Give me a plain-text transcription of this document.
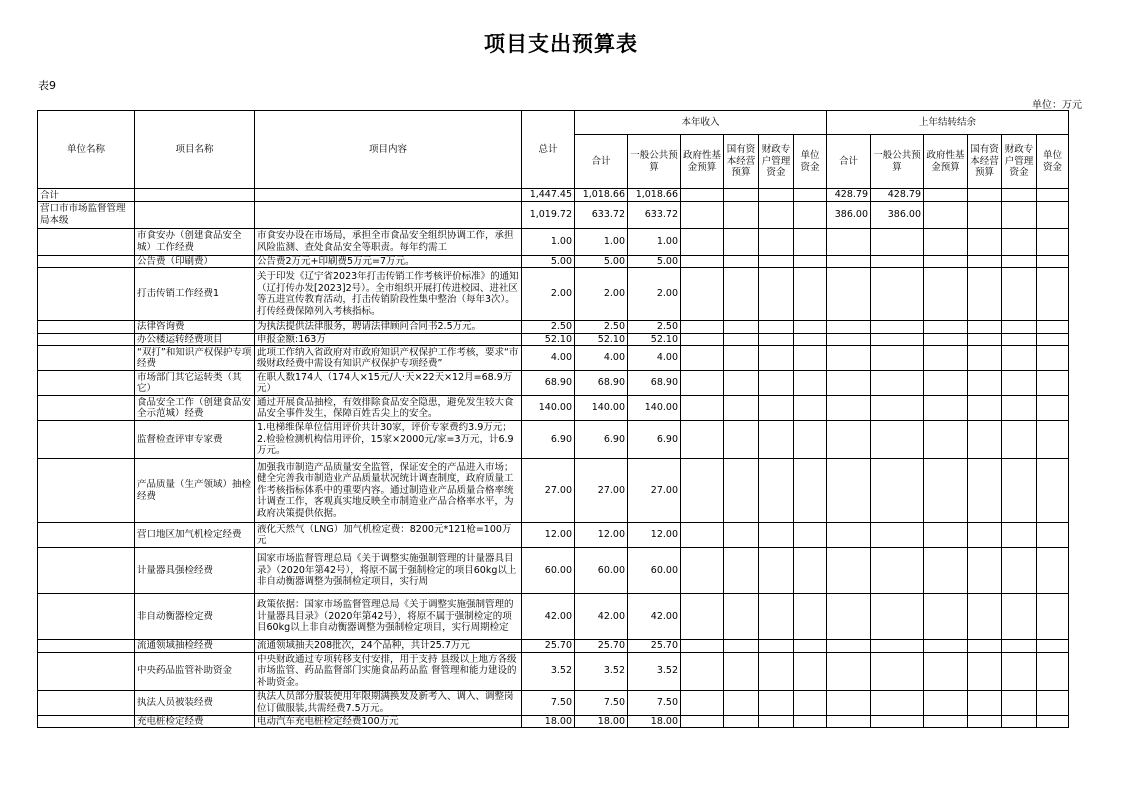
项目支出预算表
表9
单位：万元
单位名称	项目名称	项目内容	总计	本年收入						上年结转结余					
				合计	一般公共预算	政府性基金预算	国有资本经营预算	财政专户管理资金	单位资金	合计	一般公共预算	政府性基金预算	国有资本经营预算	财政专户管理资金	单位资金

合计			1,447.45	1,018.66	1,018.66					428.79	428.79				

营口市市场监督管理局本级			1,019.72	633.72	633.72					386.00	386.00				

	市食安办（创建食品安全城）工作经费	市食安办设在市场局，承担全市食品安全组织协调工作，承担风险监测、查处食品安全等职责。每年约需工	1.00	1.00	1.00										

	公告费（印刷费）	公告费2万元+印刷费5万元=7万元。	5.00	5.00	5.00										

	打击传销工作经费1	关于印发《辽宁省2023年打击传销工作考核评价标准》的通知（辽打传办发[2023]2号）。全市组织开展打传进校园、进社区等五进宣传教育活动，打击传销阶段性集中整治（每年3次）。打传经费保障列入考核指标。	2.00	2.00	2.00										

	法律咨询费	为执法提供法律服务，聘请法律顾问合同书2.5万元。	2.50	2.50	2.50										

	办公楼运转经费项目	申报金额:163万	52.10	52.10	52.10										

	“双打”和知识产权保护专项经费	此项工作纳入省政府对市政府知识产权保护工作考核，要求“市级财政经费中需设有知识产权保护专项经费”	4.00	4.00	4.00										

	市场部门其它运转类（其它）	在职人数174人（174人×15元/人·天×22天×12月=68.9万元）	68.90	68.90	68.90										

	食品安全工作（创建食品安全示范城）经费	通过开展食品抽检，有效排除食品安全隐患，避免发生较大食品安全事件发生，保障百姓舌尖上的安全。	140.00	140.00	140.00										

	监督检查评审专家费	1.电梯维保单位信用评价共计30家，评价专家费约3.9万元；2.检验检测机构信用评价，15家×2000元/家=3万元，计6.9万元。	6.90	6.90	6.90										

	产品质量（生产领域）抽检经费	加强我市制造产品质量安全监管，保证安全的产品进入市场；健全完善我市制造业产品质量状况统计调查制度，政府质量工作考核指标体系中的重要内容。通过制造业产品质量合格率统计调查工作，客观真实地反映全市制造业产品合格率水平，为政府决策提供依据。	27.00	27.00	27.00										

	营口地区加气机检定经费	液化天然气（LNG）加气机检定费：8200元*121枪=100万元	12.00	12.00	12.00										

	计量器具强检经费	国家市场监督管理总局《关于调整实施强制管理的计量器具目录》（2020年第42号），将原不属于强制检定的项目60kg以上非自动衡器调整为强制检定项目，实行周	60.00	60.00	60.00										

	非自动衡器检定费	政策依据：国家市场监督管理总局《关于调整实施强制管理的计量器具目录》（2020年第42号），将原不属于强制检定的项目60kg以上非自动衡器调整为强制检定项目，实行周期检定	42.00	42.00	42.00										

	流通领域抽检经费	流通领域抽夫208批次，24个品种，共计25.7万元	25.70	25.70	25.70										

	中央药品监管补助资金	中央财政通过专项转移支付安排，用于支持 县级以上地方各级市场监管、药品监督部门实施食品药品监 督管理和能力建设的补助资金。	3.52	3.52	3.52										

	执法人员被装经费	执法人员部分服装使用年限期满换发及新考入、调入、调整岗位订做服装,共需经费7.5万元。	7.50	7.50	7.50										

	充电桩检定经费	电动汽车充电桩检定经费100万元	18.00	18.00	18.00										
